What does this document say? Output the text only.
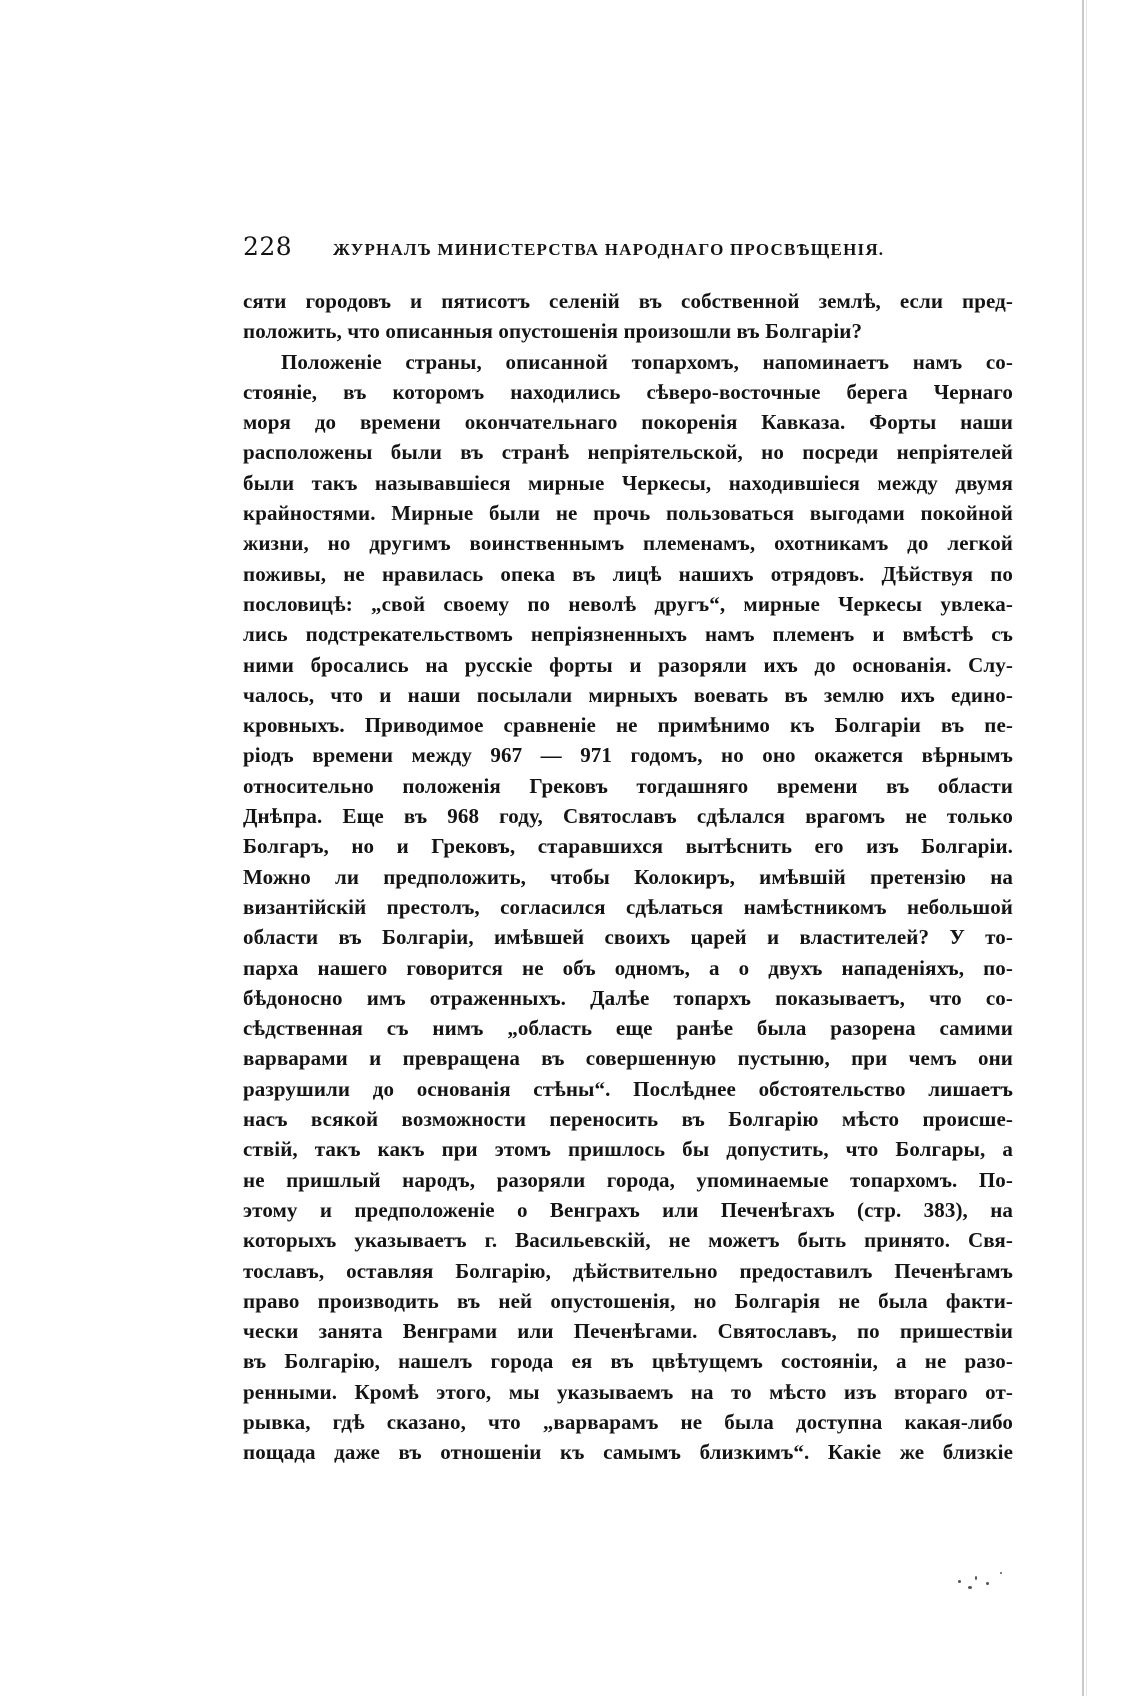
228	ЖУРНАЛЪ МИНИСТЕРСТВА НАРОДНАГО ПРОСВѢЩЕНІЯ.
сяти городовъ и пятисотъ селеній въ собственной землѣ, если пред-
положить, что описанныя опустошенія произошли въ Болгаріи?
Положеніе страны, описанной топархомъ, напоминаетъ намъ со-
стояніе, въ которомъ находились сѣверо-восточные берега Чернаго
моря до времени окончательнаго покоренія Кавказа. Форты наши
расположены были въ странѣ непріятельской, но посреди непріятелей
были такъ называвшіеся мирные Черкесы, находившіеся между двумя
крайностями. Мирные были не прочь пользоваться выгодами покойной
жизни, но другимъ воинственнымъ племенамъ, охотникамъ до легкой
поживы, не нравилась опека въ лицѣ нашихъ отрядовъ. Дѣйствуя по
пословицѣ: „свой своему по неволѣ другъ“, мирные Черкесы увлека-
лись подстрекательствомъ непріязненныхъ намъ племенъ и вмѣстѣ съ
ними бросались на русскіе форты и разоряли ихъ до основанія. Слу-
чалось, что и наши посылали мирныхъ воевать въ землю ихъ едино-
кровныхъ. Приводимое сравненіе не примѣнимо къ Болгаріи въ пе-
ріодъ времени между 967 — 971 годомъ, но оно окажется вѣрнымъ
относительно положенія Грековъ тогдашняго времени въ области
Днѣпра. Еще въ 968 году, Святославъ сдѣлался врагомъ не только
Болгаръ, но и Грековъ, старавшихся вытѣснить его изъ Болгаріи.
Можно ли предположить, чтобы Колокиръ, имѣвшій претензію на
византійскій престолъ, согласился сдѣлаться намѣстникомъ небольшой
области въ Болгаріи, имѣвшей своихъ царей и властителей? У то-
парха нашего говорится не объ одномъ, а о двухъ нападеніяхъ, по-
бѣдоносно имъ отраженныхъ. Далѣе топархъ показываетъ, что со-
сѣдственная съ нимъ „область еще ранѣе была разорена самими
варварами и превращена въ совершенную пустыню, при чемъ они
разрушили до основанія стѣны“. Послѣднее обстоятельство лишаетъ
насъ всякой возможности переносить въ Болгарію мѣсто происше-
ствій, такъ какъ при этомъ пришлось бы допустить, что Болгары, а
не пришлый народъ, разоряли города, упоминаемые топархомъ. По-
этому и предположеніе о Венграхъ или Печенѣгахъ (стр. 383), на
которыхъ указываетъ г. Васильевскій, не можетъ быть принято. Свя-
тославъ, оставляя Болгарію, дѣйствительно предоставилъ Печенѣгамъ
право производить въ ней опустошенія, но Болгарія не была факти-
чески занята Венграми или Печенѣгами. Святославъ, по пришествіи
въ Болгарію, нашелъ города ея въ цвѣтущемъ состояніи, а не разо-
ренными. Кромѣ этого, мы указываемъ на то мѣсто изъ втораго от-
рывка, гдѣ сказано, что „варварамъ не была доступна какая-либо
пощада даже въ отношеніи къ самымъ близкимъ“. Какіе же близкіе
